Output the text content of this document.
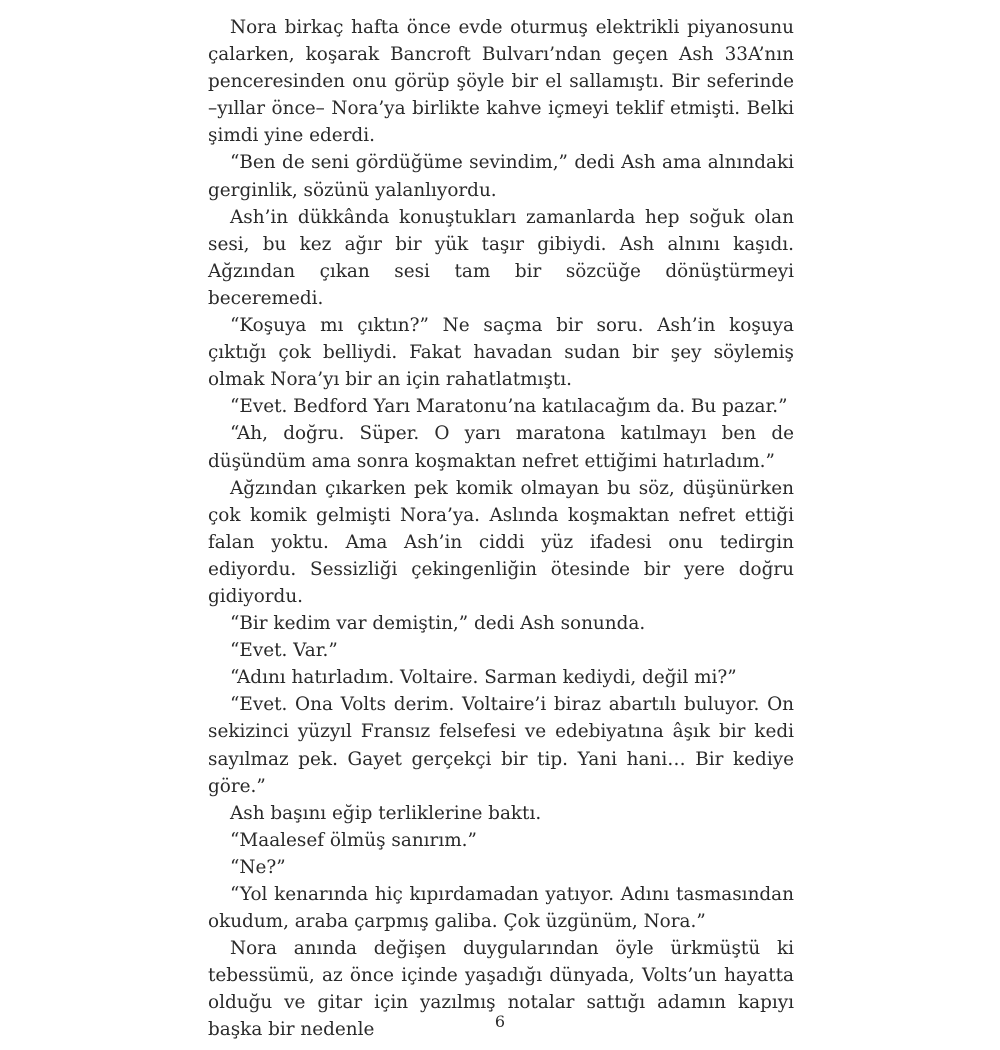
Nora birkaç hafta önce evde oturmuş elektrikli piyanosunu çalarken, koşarak Bancroft Bulvarı’ndan geçen Ash 33A’nın penceresinden onu görüp şöyle bir el sallamıştı. Bir seferinde –yıllar önce– Nora’ya birlikte kahve içmeyi teklif etmişti. Belki şimdi yine ederdi.

“Ben de seni gördüğüme sevindim,” dedi Ash ama alnındaki gerginlik, sözünü yalanlıyordu.

Ash’in dükkânda konuştukları zamanlarda hep soğuk olan sesi, bu kez ağır bir yük taşır gibiydi. Ash alnını kaşıdı. Ağzından çıkan sesi tam bir sözcüğe dönüştürmeyi beceremedi.

“Koşuya mı çıktın?” Ne saçma bir soru. Ash’in koşuya çıktığı çok belliydi. Fakat havadan sudan bir şey söylemiş olmak Nora’yı bir an için rahatlatmıştı.

“Evet. Bedford Yarı Maratonu’na katılacağım da. Bu pazar.”

“Ah, doğru. Süper. O yarı maratona katılmayı ben de düşündüm ama sonra koşmaktan nefret ettiğimi hatırladım.”

Ağzından çıkarken pek komik olmayan bu söz, düşünürken çok komik gelmişti Nora’ya. Aslında koşmaktan nefret ettiği falan yoktu. Ama Ash’in ciddi yüz ifadesi onu tedirgin ediyordu. Sessizliği çekingenliğin ötesinde bir yere doğru gidiyordu.

“Bir kedim var demiştin,” dedi Ash sonunda.

“Evet. Var.”

“Adını hatırladım. Voltaire. Sarman kediydi, değil mi?”

“Evet. Ona Volts derim. Voltaire’i biraz abartılı buluyor. On sekizinci yüzyıl Fransız felsefesi ve edebiyatına âşık bir kedi sayılmaz pek. Gayet gerçekçi bir tip. Yani hani… Bir kediye göre.”

Ash başını eğip terliklerine baktı.

“Maalesef ölmüş sanırım.”

“Ne?”

“Yol kenarında hiç kıpırdamadan yatıyor. Adını tasmasından okudum, araba çarpmış galiba. Çok üzgünüm, Nora.”

Nora anında değişen duygularından öyle ürkmüştü ki tebessümü, az önce içinde yaşadığı dünyada, Volts’un hayatta olduğu ve gitar için yazılmış notalar sattığı adamın kapıyı başka bir nedenle	6
